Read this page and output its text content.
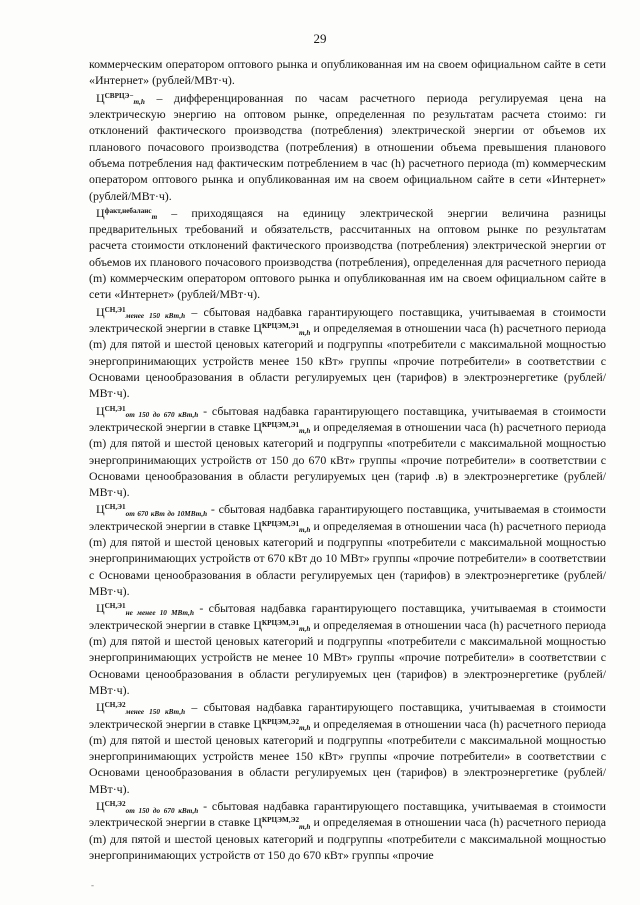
29

коммерческим оператором оптового рынка и опубликованная им на своем официальном сайте в сети «Интернет» (рублей/МВт·ч).

$Ц^{СВРЦЭ-}_{m,h}$ – дифференцированная по часам расчетного периода регулируемая цена на электрическую энергию на оптовом рынке, определенная по результатам расчета стоимо: ги отклонений фактического производства (потребления) электрической энергии от объемов их планового почасового производства (потребления) в отношении объема превышения планового объема потребления над фактическим потреблением в час (h) расчетного периода (m) коммерческим оператором оптового рынка и опубликованная им на своем официальном сайте в сети «Интернет» (рублей/МВт·ч).

$Ц^{факт,небаланс}_m$ – приходящаяся на единицу электрической энергии величина разницы предварительных требований и обязательств, рассчитанных на оптовом рынке по результатам расчета стоимости отклонений фактического производства (потребления) электрической энергии от объемов их планового почасового производства (потребления), определенная для расчетного периода (m) коммерческим оператором оптового рынка и опубликованная им на своем официальном сайте в сети «Интернет» (рублей/МВт·ч).

$Ц^{СН,Э1}_{менее 150 кВт,h}$ – сбытовая надбавка гарантирующего поставщика, учитываемая в стоимости электрической энергии в ставке $Ц^{КРЦЭМ,Э1}_{m,h}$ и определяемая в отношении часа (h) расчетного периода (m) для пятой и шестой ценовых категорий и подгруппы «потребители с максимальной мощностью энергопринимающих устройств менее 150 кВт» группы «прочие потребители» в соответствии с Основами ценообразования в области регулируемых цен (тарифов) в электроэнергетике (рублей/МВт·ч).

$Ц^{СН,Э1}_{от 150 до 670 кВт,h}$ - сбытовая надбавка гарантирующего поставщика, учитываемая в стоимости электрической энергии в ставке $Ц^{КРЦЭМ,Э1}_{m,h}$ и определяемая в отношении часа (h) расчетного периода (m) для пятой и шестой ценовых категорий и подгруппы «потребители с максимальной мощностью энергопринимающих устройств от 150 до 670 кВт» группы «прочие потребители» в соответствии с Основами ценообразования в области регулируемых цен (тариф .в) в электроэнергетике (рублей/МВт·ч).

$Ц^{СН,Э1}_{от 670 кВт до 10МВт,h}$ - сбытовая надбавка гарантирующего поставщика, учитываемая в стоимости электрической энергии в ставке $Ц^{КРЦЭМ,Э1}_{m,h}$ и определяемая в отношении часа (h) расчетного периода (m) для пятой и шестой ценовых категорий и подгруппы «потребители с максимальной мощностью энергопринимающих устройств от 670 кВт до 10 МВт» группы «прочие потребители» в соответствии с Основами ценообразования в области регулируемых цен (тарифов) в электроэнергетике (рублей/МВт·ч).

$Ц^{СН,Э1}_{не менее 10 МВт,h}$ - сбытовая надбавка гарантирующего поставщика, учитываемая в стоимости электрической энергии в ставке $Ц^{КРЦЭМ,Э1}_{m,h}$ и определяемая в отношении часа (h) расчетного периода (m) для пятой и шестой ценовых категорий и подгруппы «потребители с максимальной мощностью энергопринимающих устройств не менее 10 МВт» группы «прочие потребители» в соответствии с Основами ценообразования в области регулируемых цен (тарифов) в электроэнергетике (рублей/МВт·ч).

$Ц^{СН,Э2}_{менее 150 кВт,h}$ – сбытовая надбавка гарантирующего поставщика, учитываемая в стоимости электрической энергии в ставке $Ц^{КРЦЭМ,Э2}_{m,h}$ и определяемая в отношении часа (h) расчетного периода (m) для пятой и шестой ценовых категорий и подгруппы «потребители с максимальной мощностью энергопринимающих устройств менее 150 кВт» группы «прочие потребители» в соответствии с Основами ценообразования в области регулируемых цен (тарифов) в электроэнергетике (рублей/МВт·ч).

$Ц^{СН,Э2}_{от 150 до 670 кВт,h}$ - сбытовая надбавка гарантирующего поставщика, учитываемая в стоимости электрической энергии в ставке $Ц^{КРЦЭМ,Э2}_{m,h}$ и определяемая в отношении часа (h) расчетного периода (m) для пятой и шестой ценовых категорий и подгруппы «потребители с максимальной мощностью энергопринимающих устройств от 150 до 670 кВт» группы «прочие

-
